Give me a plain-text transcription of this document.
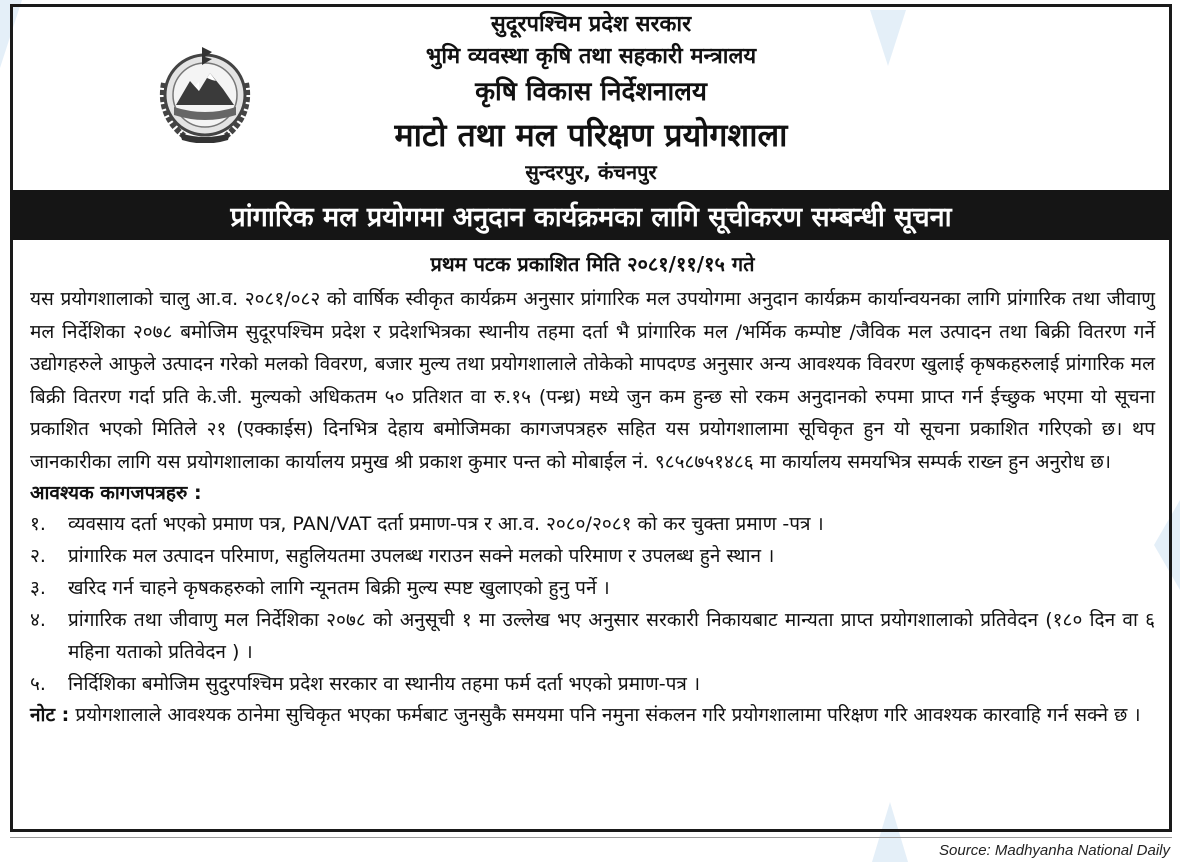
सुदूरपश्चिम प्रदेश सरकार
भुमि व्यवस्था कृषि तथा सहकारी मन्त्रालय
कृषि विकास निर्देशनालय
माटो तथा मल परिक्षण प्रयोगशाला
सुन्दरपुर, कंचनपुर
प्रांगारिक मल प्रयोगमा अनुदान कार्यक्रमका लागि सूचीकरण सम्बन्धी सूचना
प्रथम पटक प्रकाशित मिति २०८१/११/१५ गते

यस प्रयोगशालाको चालु आ.व. २०८१/०८२ को वार्षिक स्वीकृत कार्यक्रम अनुसार प्रांगारिक मल उपयोगमा अनुदान कार्यक्रम कार्यान्वयनका लागि प्रांगारिक तथा जीवाणु मल निर्देशिका २०७८ बमोजिम सुदूरपश्चिम प्रदेश र प्रदेशभित्रका स्थानीय तहमा दर्ता भै प्रांगारिक मल /भर्मिक कम्पोष्ट /जैविक मल उत्पादन तथा बिक्री वितरण गर्ने उद्योगहरुले आफुले उत्पादन गरेको मलको विवरण, बजार मुल्य तथा प्रयोगशालाले तोकेको मापदण्ड अनुसार अन्य आवश्यक विवरण खुलाई कृषकहरुलाई प्रांगारिक मल बिक्री वितरण गर्दा प्रति के.जी. मुल्यको अधिकतम ५० प्रतिशत वा रु.१५ (पन्ध्र) मध्ये जुन कम हुन्छ सो रकम अनुदानको रुपमा प्राप्त गर्न ईच्छुक भएमा यो सूचना प्रकाशित भएको मितिले २१ (एक्काईस) दिनभित्र देहाय बमोजिमका कागजपत्रहरु सहित यस प्रयोगशालामा सूचिकृत हुन यो सूचना प्रकाशित गरिएको छ। थप जानकारीका लागि यस प्रयोगशालाका कार्यालय प्रमुख श्री प्रकाश कुमार पन्त को मोबाईल नं. ९८५८७५१४८६ मा कार्यालय समयभित्र सम्पर्क राख्न हुन अनुरोध छ।

आवश्यक कागजपत्रहरु :
१.	व्यवसाय दर्ता भएको प्रमाण पत्र, PAN/VAT दर्ता प्रमाण-पत्र र आ.व. २०८०/२०८१ को कर चुक्ता प्रमाण -पत्र ।
२.	प्रांगारिक मल उत्पादन परिमाण, सहुलियतमा उपलब्ध गराउन सक्ने मलको परिमाण र उपलब्ध हुने स्थान ।
३.	खरिद गर्न चाहने कृषकहरुको लागि न्यूनतम बिक्री मुल्य स्पष्ट खुलाएको हुनु पर्ने ।
४.	प्रांगारिक तथा जीवाणु मल निर्देशिका २०७८ को अनुसूची १ मा उल्लेख भए अनुसार सरकारी निकायबाट मान्यता प्राप्त प्रयोगशालाको प्रतिवेदन (१८० दिन वा ६ महिना यताको प्रतिवेदन ) ।
५.	निर्दिशिका बमोजिम सुदुरपश्चिम प्रदेश सरकार वा स्थानीय तहमा फर्म दर्ता भएको प्रमाण-पत्र ।
नोट : प्रयोगशालाले आवश्यक ठानेमा सुचिकृत भएका फर्मबाट जुनसुकै समयमा पनि नमुना संकलन गरि प्रयोगशालामा परिक्षण गरि आवश्यक कारवाहि गर्न सक्ने छ ।
Source: Madhyanha National Daily
